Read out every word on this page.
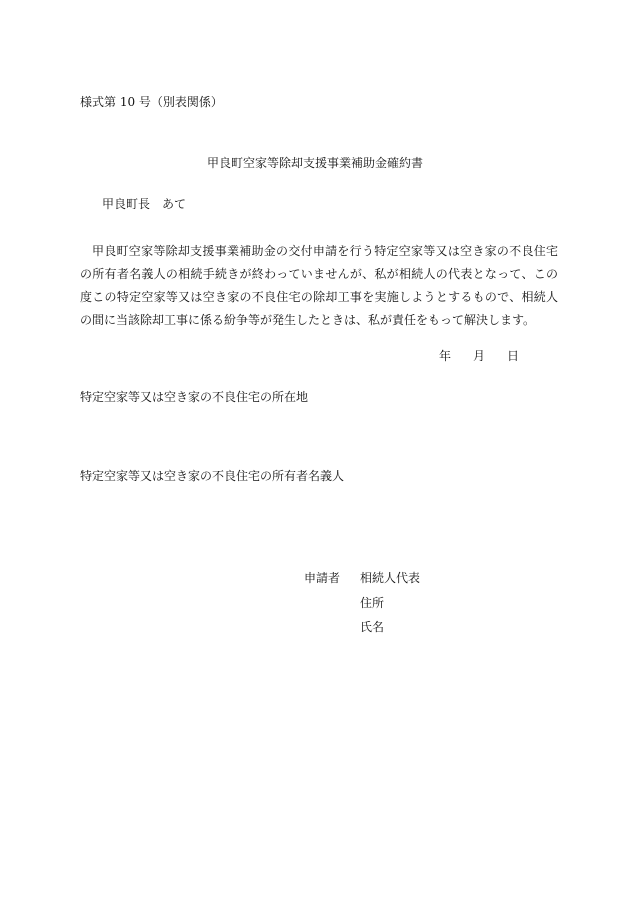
様式第 10 号（別表関係）
甲良町空家等除却支援事業補助金確約書
甲良町長　あて
甲良町空家等除却支援事業補助金の交付申請を行う特定空家等又は空き家の不良住宅の所有者名義人の相続手続きが終わっていませんが、私が相続人の代表となって、この度この特定空家等又は空き家の不良住宅の除却工事を実施しようとするもので、相続人の間に当該除却工事に係る紛争等が発生したときは、私が責任をもって解決します。
年 月 日
特定空家等又は空き家の不良住宅の所在地
特定空家等又は空き家の不良住宅の所有者名義人
申請者 相続人代表
住所
氏名
